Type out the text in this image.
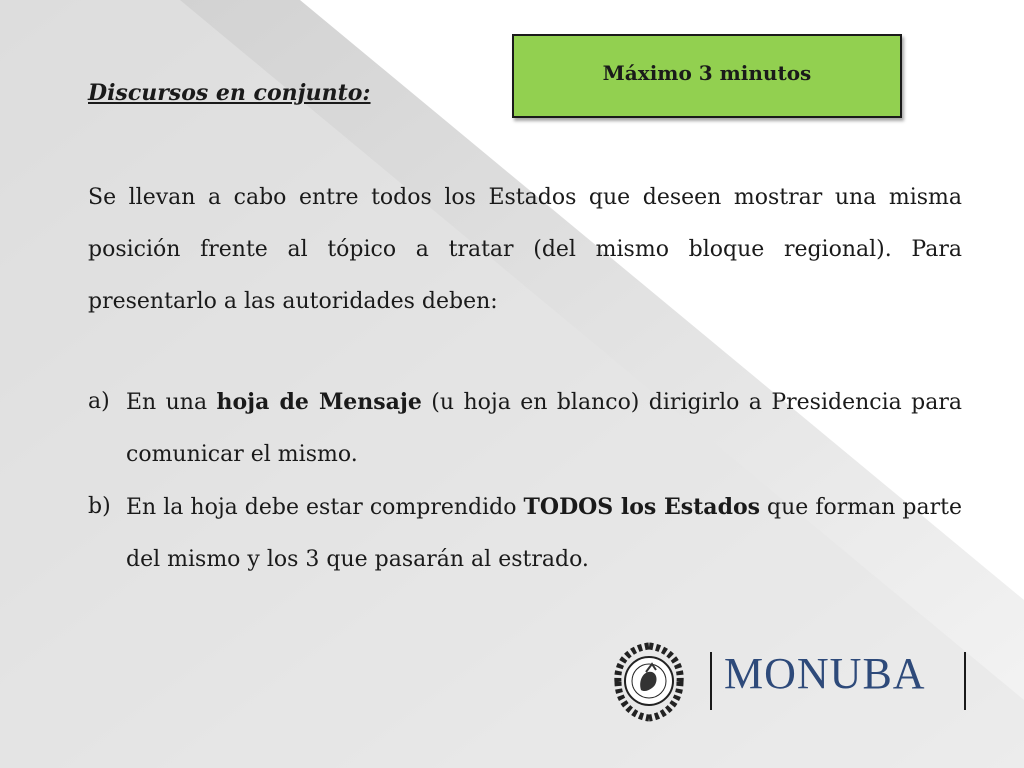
Máximo 3 minutos
Discursos en conjunto:

Se llevan a cabo entre todos los Estados que deseen mostrar una misma posición frente al tópico a tratar (del mismo bloque regional). Para presentarlo a las autoridades deben:

a) En una hoja de Mensaje (u hoja en blanco) dirigirlo a Presidencia para comunicar el mismo.
b) En la hoja debe estar comprendido TODOS los Estados que forman parte del mismo y los 3 que pasarán al estrado.
MONUBA
